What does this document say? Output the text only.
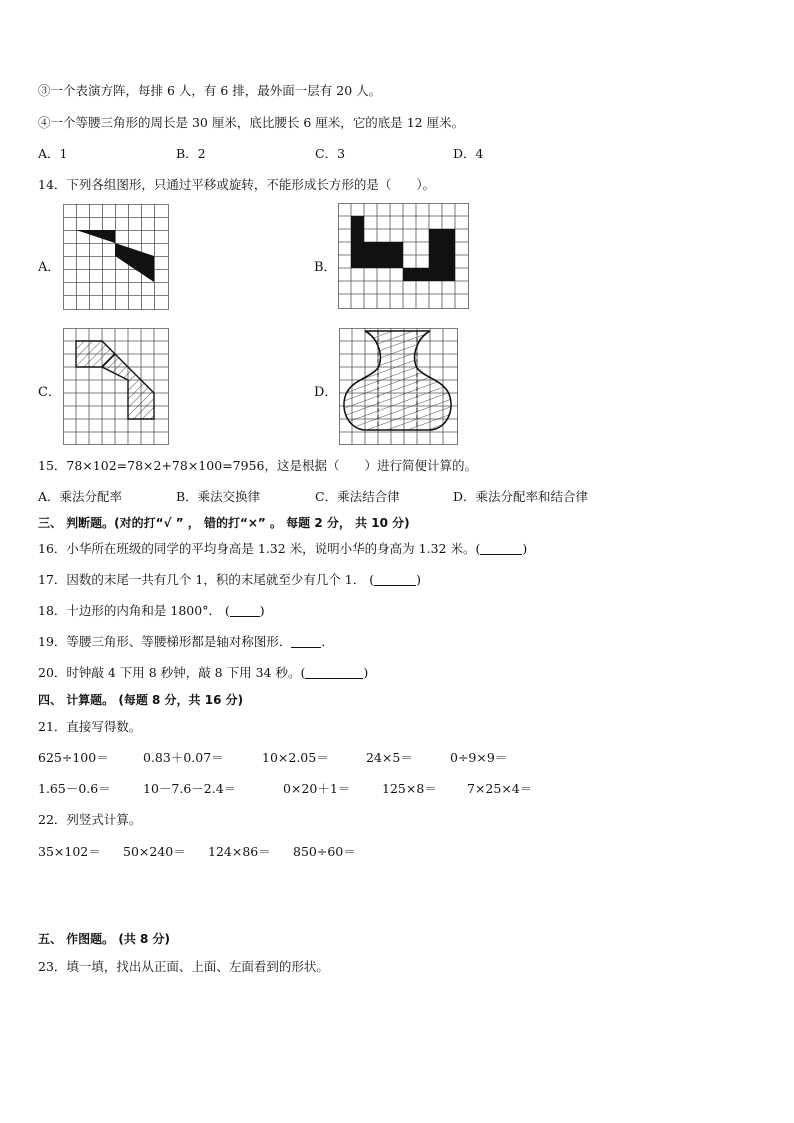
③一个表演方阵，每排 6 人，有 6 排，最外面一层有 20 人。
④一个等腰三角形的周长是 30 厘米，底比腰长 6 厘米，它的底是 12 厘米。
A．1	B．2	C．3	D．4
14．下列各组图形，只通过平移或旋转，不能形成长方形的是（　　）。
A．	B．
C．	D．
15．78×102=78×2+78×100=7956，这是根据（　　）进行简便计算的。
A．乘法分配率	B．乘法交换律	C．乘法结合律	D．乘法分配率和结合律
三、 判断题。(对的打“√ ” ， 错的打“×” 。 每题 2 分， 共 10 分)
16．小华所在班级的同学的平均身高是 1.32 米，说明小华的身高为 1.32 米。(	)
17．因数的末尾一共有几个 1，积的末尾就至少有几个 1． (	)
18．十边形的内角和是 1800°． ( )
19．等腰三角形、等腰梯形都是轴对称图形． ．
20．时钟敲 4 下用 8 秒钟，敲 8 下用 34 秒。(	)
四、 计算题。 (每题 8 分，共 16 分)
21．直接写得数。
625÷100＝	0.83＋0.07＝	10×2.05＝	24×5＝	0÷9×9＝
1.65－0.6＝	10－7.6－2.4＝	0×20＋1＝	125×8＝ 7×25×4＝
22．列竖式计算。
35×102＝ 50×240＝ 124×86＝ 850÷60＝
五、 作图题。 (共 8 分)
23．填一填，找出从正面、上面、左面看到的形状。
